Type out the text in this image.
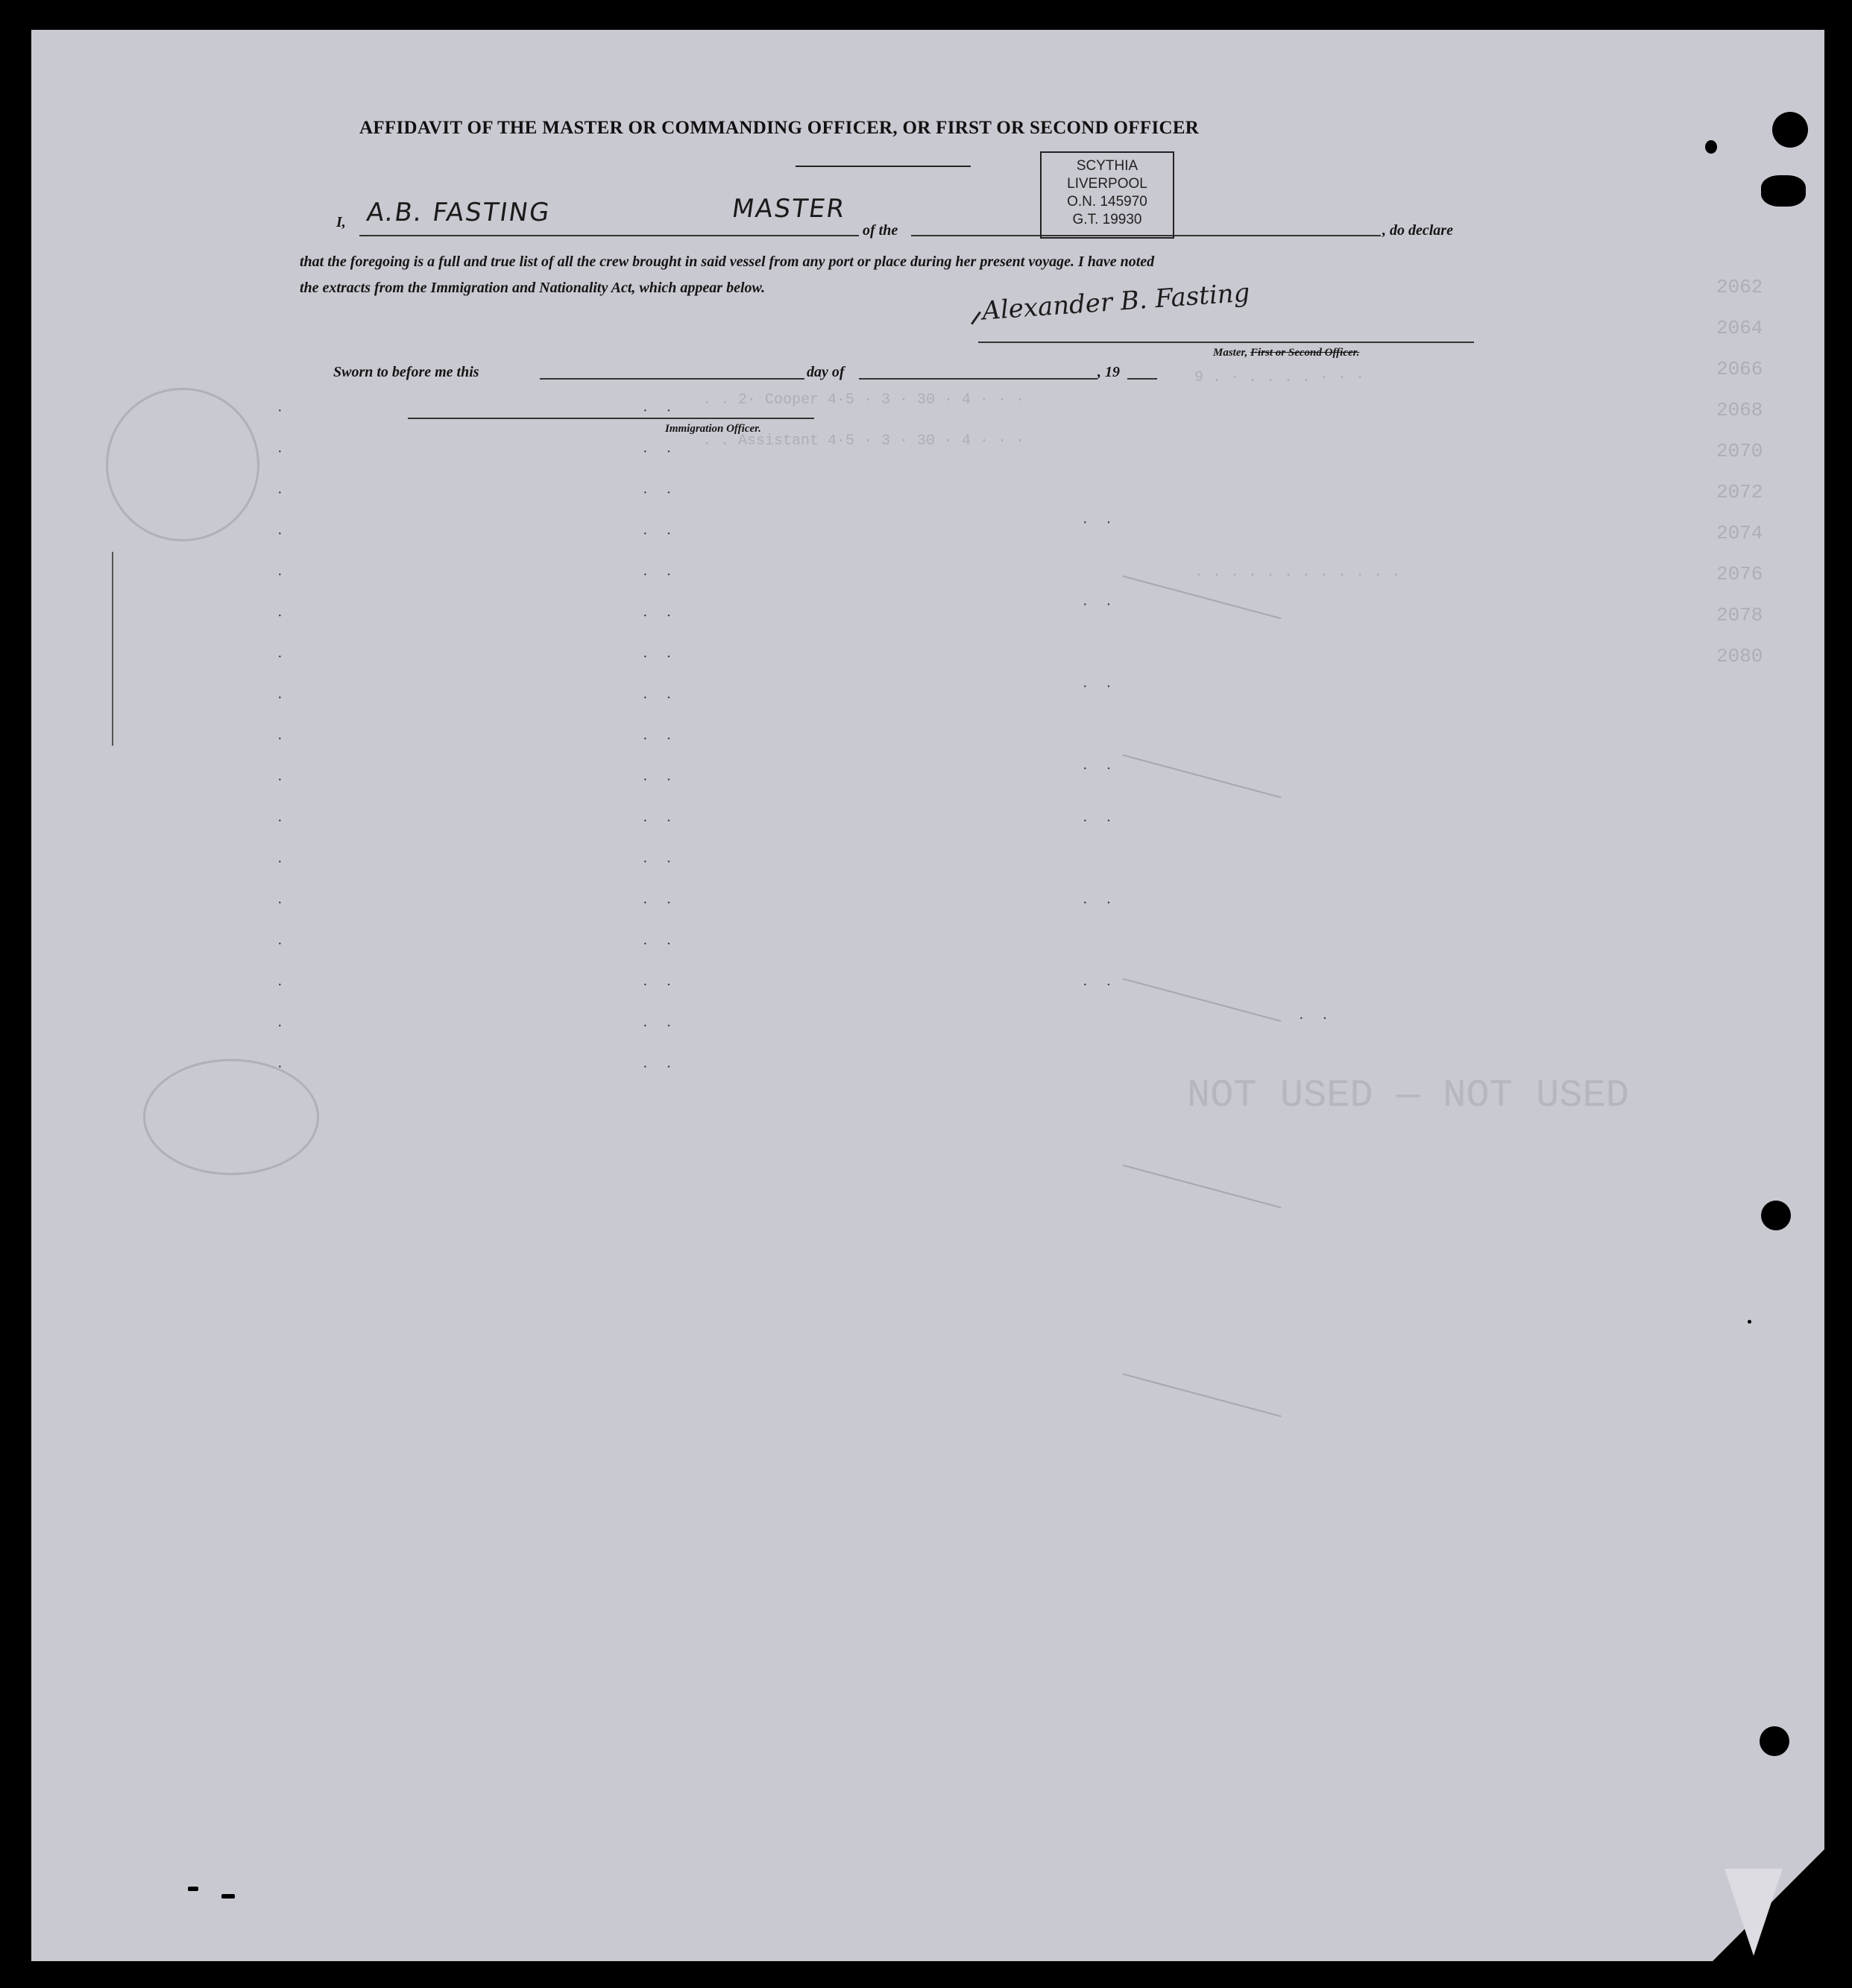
. . 2· Cooper 4·5 · 3 · 30 · 4 · · ·
. . Assistant 4·5 · 3 · 30 · 4 · · ·
9 . · . . . . · · ·
· · · · · · · · · · · ·
NOT USED — NOT USED
2062
2064
2066
2068
2070
2072
2074
2076
2078
2080
·
·
·
·
·
·
·
·
·
·
·
·
·
·
·
·
·
· ·
· ·
· ·
· ·
· ·
· ·
· ·
· ·
· ·
· ·
· ·
· ·
· ·
· ·
· ·
· ·
· ·
· ·
· ·
· ·
· ·
· ·
· ·
· ·
· ·
AFFIDAVIT OF THE MASTER OR COMMANDING OFFICER, OR FIRST OR SECOND OFFICER
I, A.B. FASTING	MASTER
of the	, do declare
that the foregoing is a full and true list of all the crew brought in said vessel from any port or place during her present voyage. I have noted
the extracts from the Immigration and Nationality Act, which appear below.
SCYTHIA
LIVERPOOL
O.N. 145970
G.T. 19930
Alexander B. Fasting
Master, First or Second Officer.
Sworn to before me this	day of	, 19
Immigration Officer.
